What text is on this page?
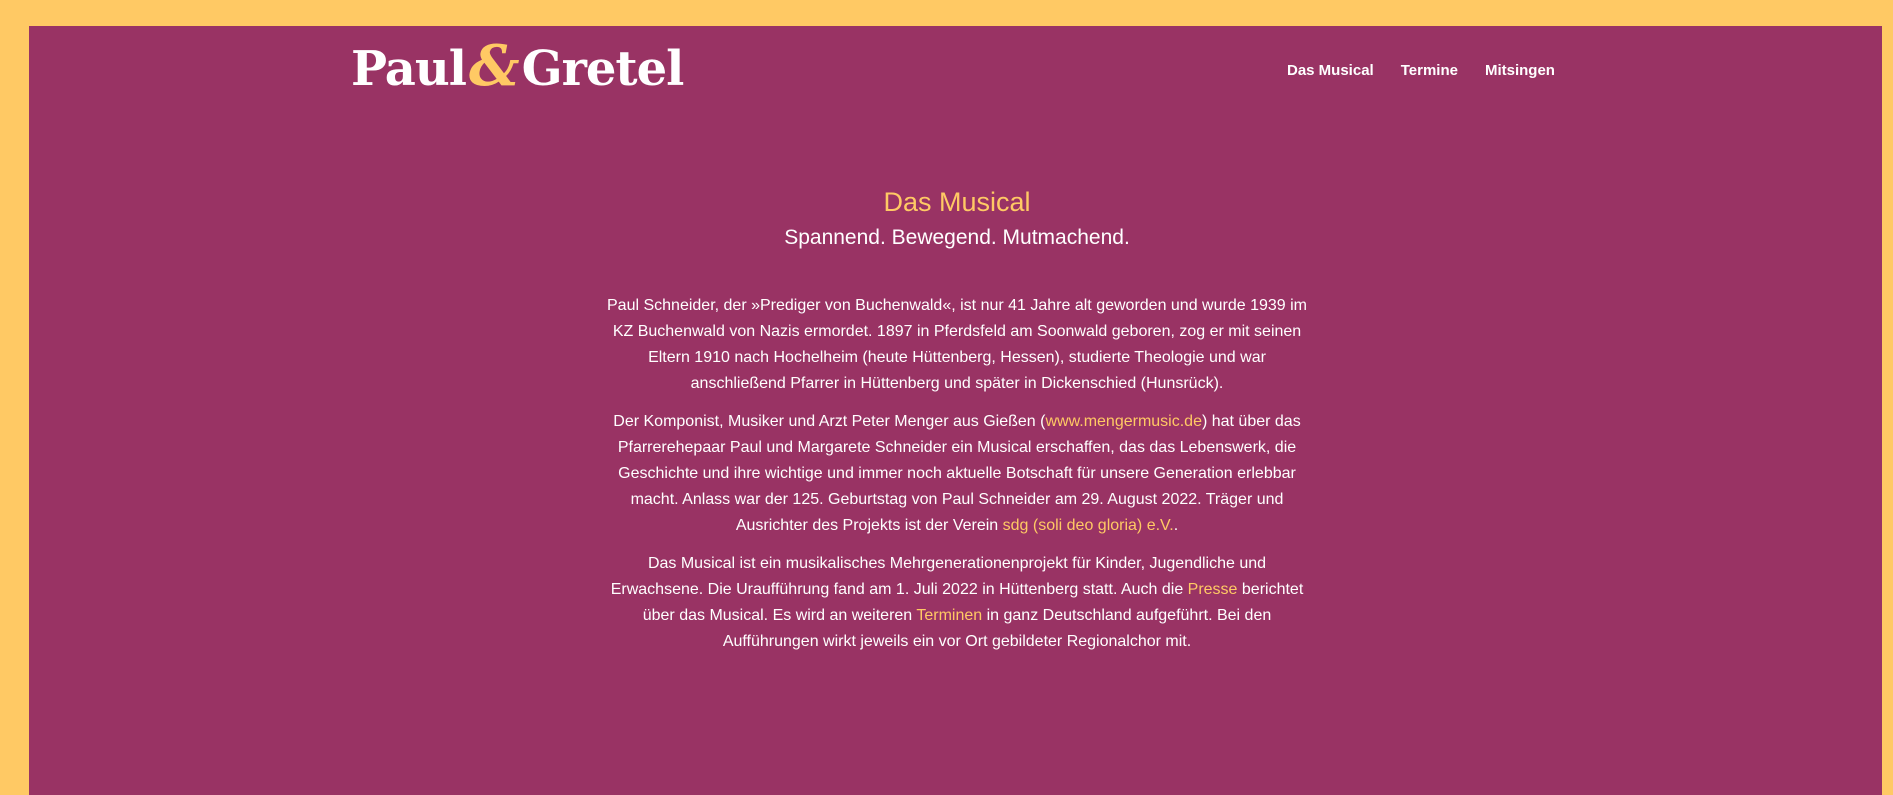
Paul&Gretel	Das Musical Termine Mitsingen
Das Musical
Spannend. Bewegend. Mutmachend.

Paul Schneider, der »Prediger von Buchenwald«, ist nur 41 Jahre alt geworden und wurde 1939 im KZ Buchenwald von Nazis ermordet. 1897 in Pferdsfeld am Soonwald geboren, zog er mit seinen Eltern 1910 nach Hochelheim (heute Hüttenberg, Hessen), studierte Theologie und war anschließend Pfarrer in Hüttenberg und später in Dickenschied (Hunsrück).

Der Komponist, Musiker und Arzt Peter Menger aus Gießen (www.mengermusic.de) hat über das Pfarrerehepaar Paul und Margarete Schneider ein Musical erschaffen, das das Lebenswerk, die Geschichte und ihre wichtige und immer noch aktuelle Botschaft für unsere Generation erlebbar macht. Anlass war der 125. Geburtstag von Paul Schneider am 29. August 2022. Träger und Ausrichter des Projekts ist der Verein sdg (soli deo gloria) e.V..

Das Musical ist ein musikalisches Mehrgenerationenprojekt für Kinder, Jugendliche und Erwachsene. Die Uraufführung fand am 1. Juli 2022 in Hüttenberg statt. Auch die Presse berichtet über das Musical. Es wird an weiteren Terminen in ganz Deutschland aufgeführt. Bei den Aufführungen wirkt jeweils ein vor Ort gebildeter Regionalchor mit.
